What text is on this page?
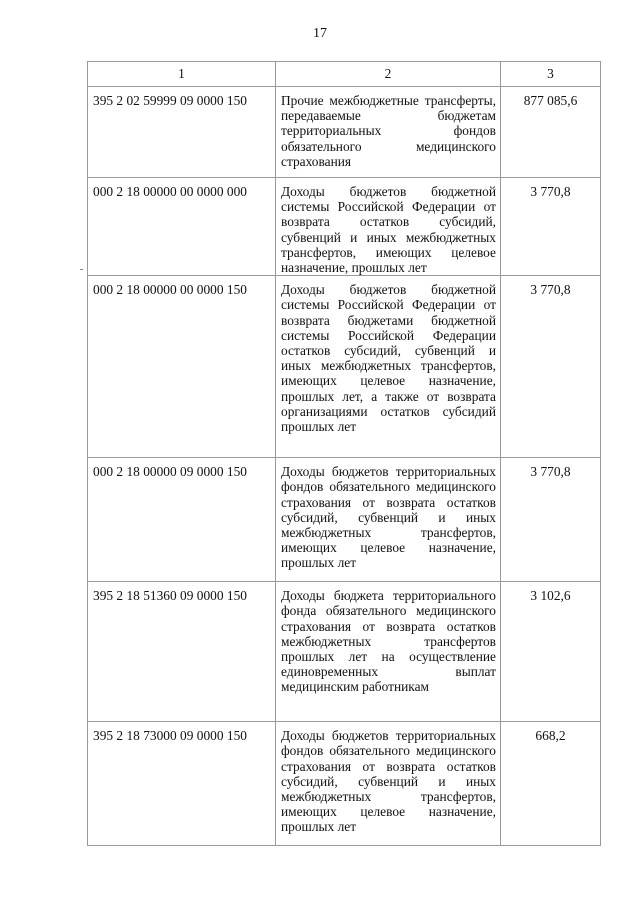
17
1	2	3
395 2 02 59999 09 0000 150	Прочие межбюджетные трансферты, передаваемые бюджетам территориальных фондов обязательного медицинского страхования	877 085,6
000 2 18 00000 00 0000 000	Доходы бюджетов бюджетной системы Российской Федерации от возврата остатков субсидий, субвенций и иных межбюджетных трансфертов, имеющих целевое назначение, прошлых лет	3 770,8
000 2 18 00000 00 0000 150	Доходы бюджетов бюджетной системы Российской Федерации от возврата бюджетами бюджетной системы Российской Федерации остатков субсидий, субвенций и иных межбюджетных трансфертов, имеющих целевое назначение, прошлых лет, а также от возврата организациями остатков субсидий прошлых лет	3 770,8
000 2 18 00000 09 0000 150	Доходы бюджетов территориальных фондов обязательного медицинского страхования от возврата остатков субсидий, субвенций и иных межбюджетных трансфертов, имеющих целевое назначение, прошлых лет	3 770,8
395 2 18 51360 09 0000 150	Доходы бюджета территориального фонда обязательного медицинского страхования от возврата остатков межбюджетных трансфертов прошлых лет на осуществление единовременных выплат медицинским работникам	3 102,6
395 2 18 73000 09 0000 150	Доходы бюджетов территориальных фондов обязательного медицинского страхования от возврата остатков субсидий, субвенций и иных межбюджетных трансфертов, имеющих целевое назначение, прошлых лет	668,2
